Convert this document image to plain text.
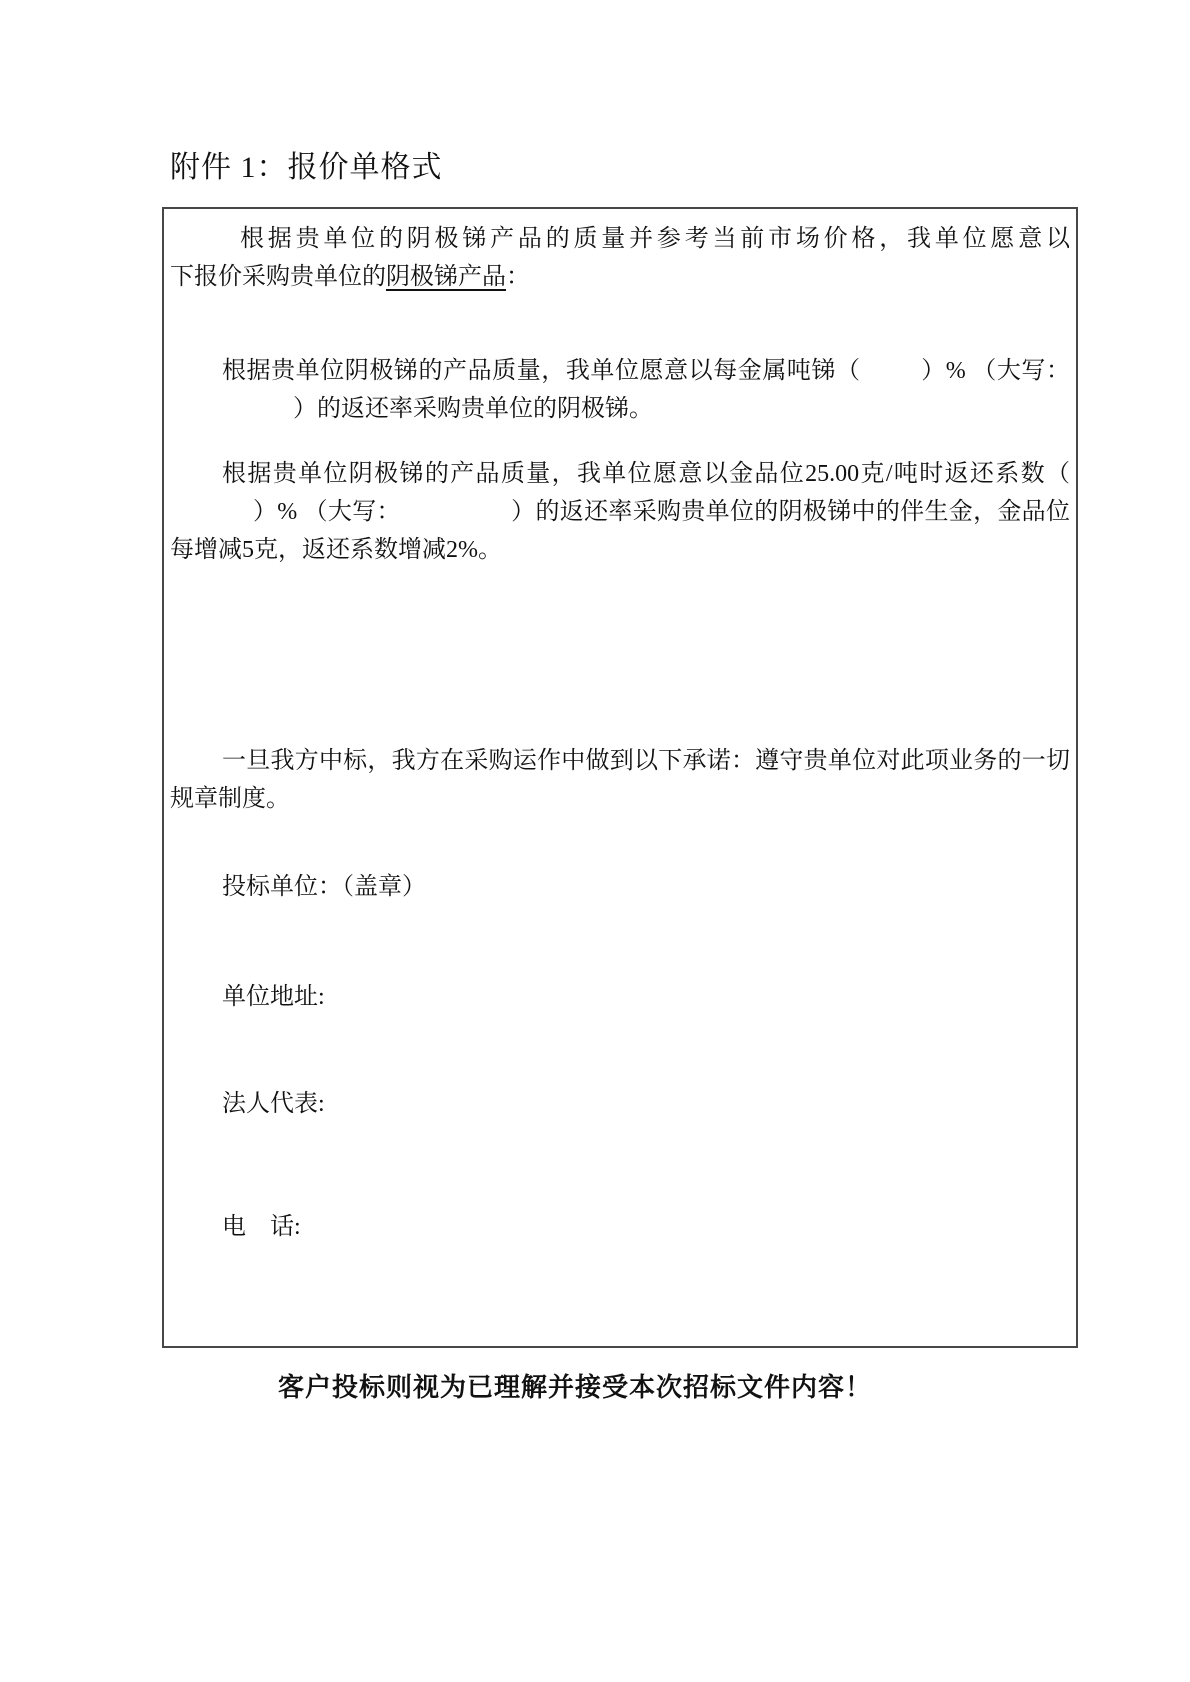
附件 1：报价单格式
根据贵单位的阴极锑产品的质量并参考当前市场价格，我单位愿意以
下报价采购贵单位的阴极锑产品：
根据贵单位阴极锑的产品质量，我单位愿意以每金属吨锑（	）% （大写：
）的返还率采购贵单位的阴极锑。
根据贵单位阴极锑的产品质量，我单位愿意以金品位25.00克/吨时返还系数（
）% （大写：	）的返还率采购贵单位的阴极锑中的伴生金，金品位
每增减5克，返还系数增减2%。
一旦我方中标，我方在采购运作中做到以下承诺：遵守贵单位对此项业务的一切
规章制度。
投标单位：（盖章）
单位地址:
法人代表:
电　话:
客户投标则视为已理解并接受本次招标文件内容！
